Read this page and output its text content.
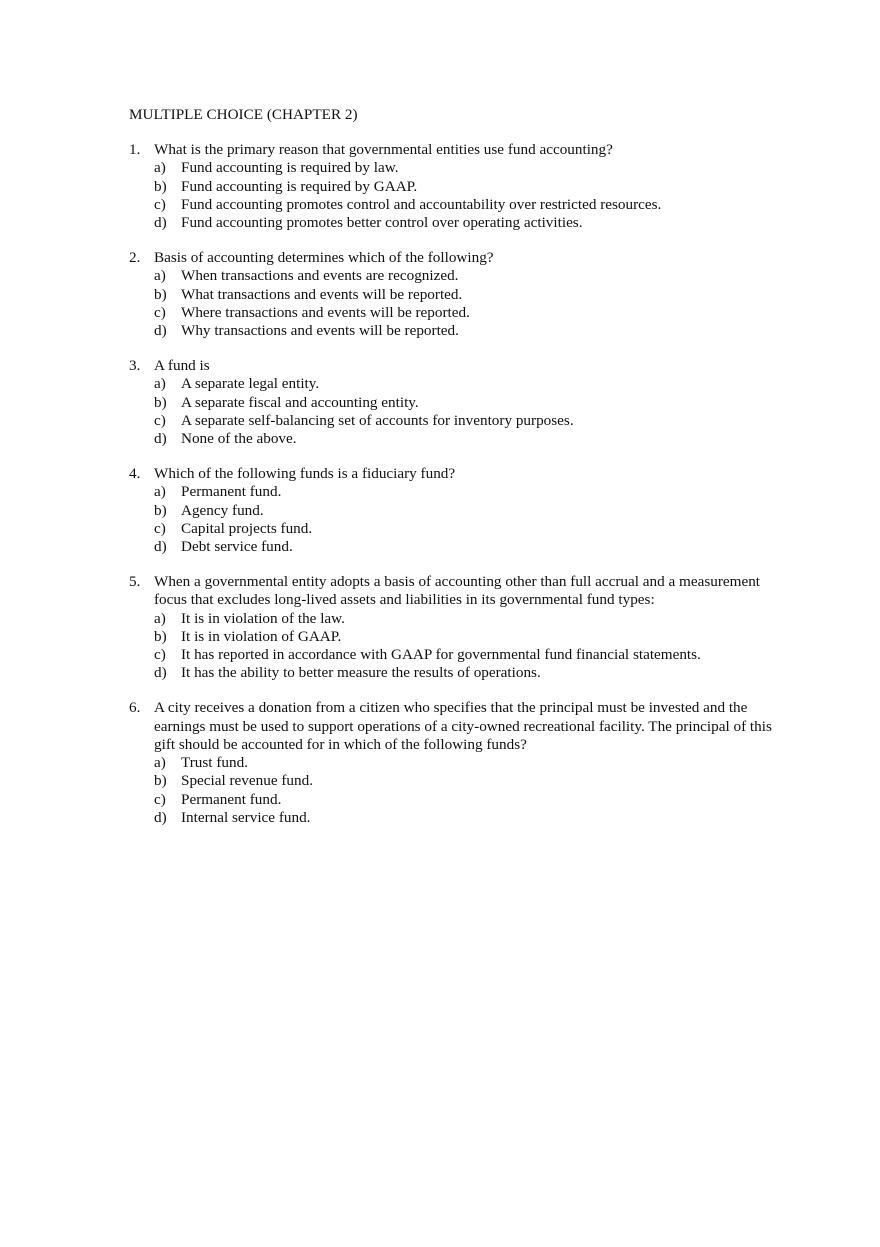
MULTIPLE CHOICE (CHAPTER 2)
1. What is the primary reason that governmental entities use fund accounting?
a) Fund accounting is required by law.
b) Fund accounting is required by GAAP.
c) Fund accounting promotes control and accountability over restricted resources.
d) Fund accounting promotes better control over operating activities.
2. Basis of accounting determines which of the following?
a) When transactions and events are recognized.
b) What transactions and events will be reported.
c) Where transactions and events will be reported.
d) Why transactions and events will be reported.
3. A fund is
a) A separate legal entity.
b) A separate fiscal and accounting entity.
c) A separate self-balancing set of accounts for inventory purposes.
d) None of the above.
4. Which of the following funds is a fiduciary fund?
a) Permanent fund.
b) Agency fund.
c) Capital projects fund.
d) Debt service fund.
5. When a governmental entity adopts a basis of accounting other than full accrual and a measurement focus that excludes long-lived assets and liabilities in its governmental fund types:
a) It is in violation of the law.
b) It is in violation of GAAP.
c) It has reported in accordance with GAAP for governmental fund financial statements.
d) It has the ability to better measure the results of operations.
6. A city receives a donation from a citizen who specifies that the principal must be invested and the earnings must be used to support operations of a city-owned recreational facility. The principal of this gift should be accounted for in which of the following funds?
a) Trust fund.
b) Special revenue fund.
c) Permanent fund.
d) Internal service fund.
